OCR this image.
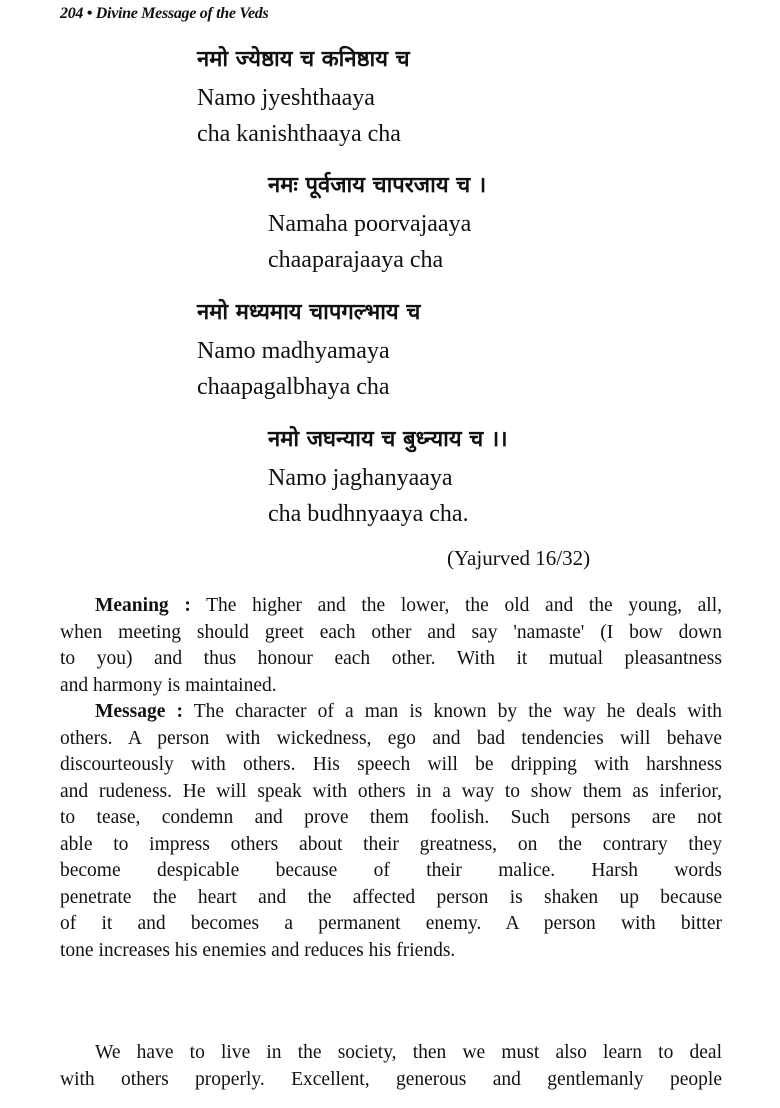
204 • Divine Message of the Veds
नमो ज्येष्ठाय च कनिष्ठाय च
Namo jyeshthaaya
cha kanishthaaya cha
नमः पूर्वजाय चापरजाय च ।
Namaha poorvajaaya
chaaparajaaya cha
नमो मध्यमाय चापगल्भाय च
Namo madhyamaya
chaapagalbhaya cha
नमो जघन्याय च बुध्न्याय च ।।
Namo jaghanyaaya
cha budhnyaaya cha.
(Yajurved 16/32)
Meaning : The higher and the lower, the old and the young, all,
when meeting should greet each other and say 'namaste' (I bow down
to you) and thus honour each other. With it mutual pleasantness
and harmony is maintained.
Message : The character of a man is known by the way he deals with
others. A person with wickedness, ego and bad tendencies will behave
discourteously with others. His speech will be dripping with harshness
and rudeness. He will speak with others in a way to show them as inferior,
to tease, condemn and prove them foolish. Such persons are not
able to impress others about their greatness, on the contrary they
become despicable because of their malice. Harsh words
penetrate the heart and the affected person is shaken up because
of it and becomes a permanent enemy. A person with bitter
tone increases his enemies and reduces his friends.
We have to live in the society, then we must also learn to deal
with others properly. Excellent, generous and gentlemanly people
